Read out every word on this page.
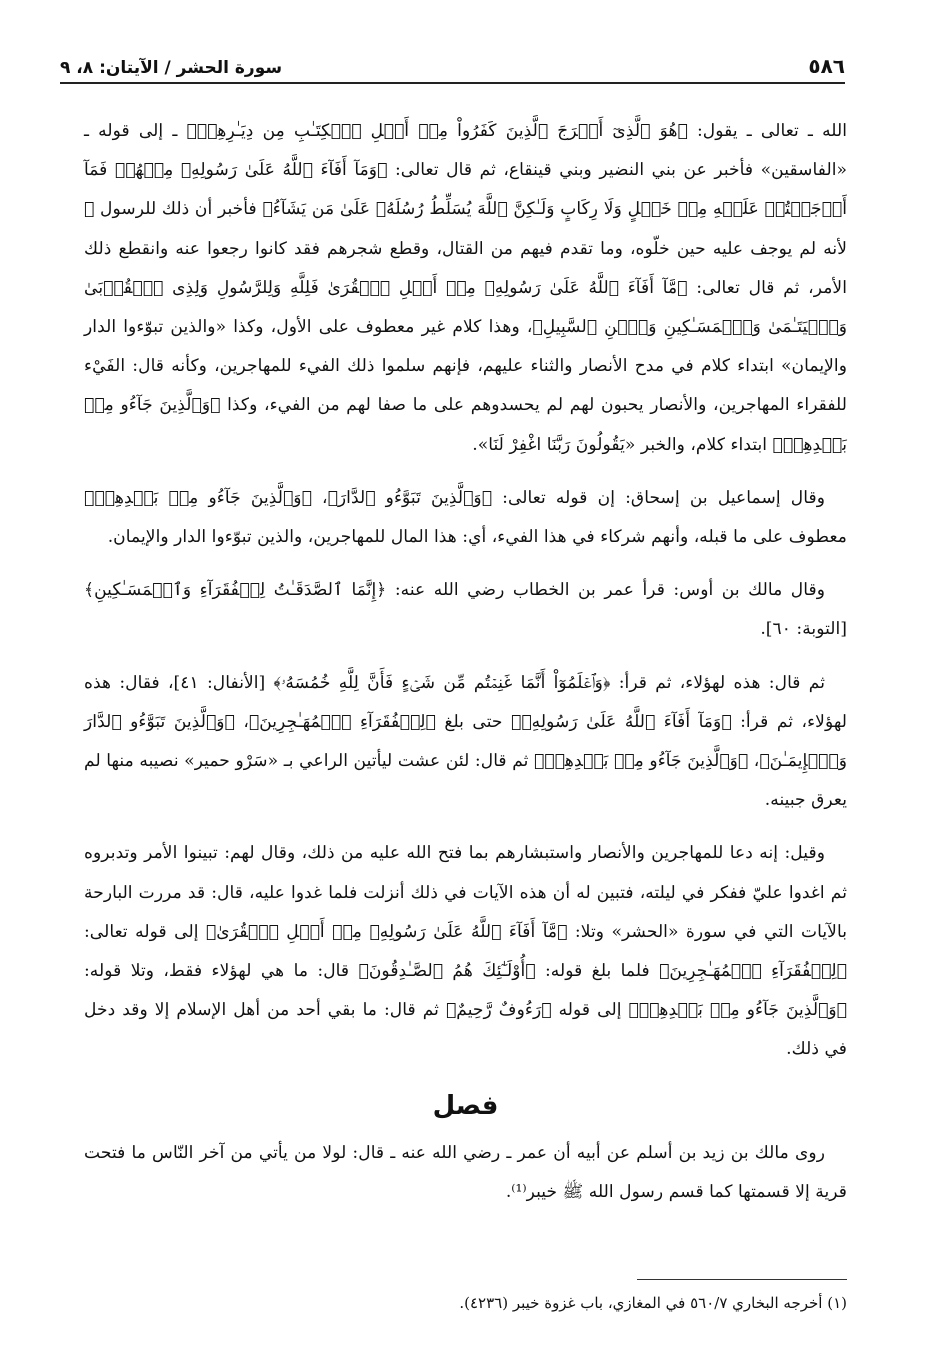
٥٨٦
سورة الحشر / الآيتان: ٨، ٩

الله ـ تعالى ـ يقول: ﴿هُوَ ٱلَّذِىٓ أَخۡرَجَ ٱلَّذِينَ كَفَرُواْ مِنۡ أَهۡلِ ٱلۡكِتَـٰبِ مِن دِيَـٰرِهِمۡ﴾ ـ إلى قوله ـ «الفاسقين» فأخبر عن بني النضير وبني قينقاع، ثم قال تعالى: ﴿وَمَآ أَفَآءَ ٱللَّهُ عَلَىٰ رَسُولِهِۦ مِنۡهُمۡ فَمَآ أَوۡجَفۡتُمۡ عَلَيۡهِ مِنۡ خَيۡلٍ وَلَا رِكَابٍ وَلَـٰكِنَّ ٱللَّهَ يُسَلِّطُ رُسُلَهُۥ عَلَىٰ مَن يَشَآءُ﴾ فأخبر أن ذلك للرسول ﷺ لأنه لم يوجف عليه حين خلّوه، وما تقدم فيهم من القتال، وقطع شجرهم فقد كانوا رجعوا عنه وانقطع ذلك الأمر، ثم قال تعالى: ﴿مَّآ أَفَآءَ ٱللَّهُ عَلَىٰ رَسُولِهِۦ مِنۡ أَهۡلِ ٱلۡقُرَىٰ فَلِلَّهِ وَلِلرَّسُولِ وَلِذِى ٱلۡقُرۡبَىٰ وَٱلۡيَتَـٰمَىٰ وَٱلۡمَسَـٰكِينِ وَٱبۡنِ ٱلسَّبِيلِ﴾، وهذا كلام غير معطوف على الأول، وكذا «والذين تبوّءوا الدار والإيمان» ابتداء كلام في مدح الأنصار والثناء عليهم، فإنهم سلموا ذلك الفيء للمهاجرين، وكأنه قال: الفَيْء للفقراء المهاجرين، والأنصار يحبون لهم لم يحسدوهم على ما صفا لهم من الفيء، وكذا ﴿وَٱلَّذِينَ جَآءُو مِنۢ بَعۡدِهِمۡ﴾ ابتداء كلام، والخبر «يَقُولُونَ رَبَّنَا اغْفِرْ لَنَا».

وقال إسماعيل بن إسحاق: إن قوله تعالى: ﴿وَٱلَّذِينَ تَبَوَّءُو ٱلدَّارَ﴾، ﴿وَٱلَّذِينَ جَآءُو مِنۢ بَعۡدِهِمۡ﴾ معطوف على ما قبله، وأنهم شركاء في هذا الفيء، أي: هذا المال للمهاجرين، والذين تبوّءوا الدار والإيمان.

وقال مالك بن أوس: قرأ عمر بن الخطاب رضي الله عنه: ﴿إِنَّمَا ٱلصَّدَقَـٰتُ لِلۡفُقَرَآءِ وَٱلۡمَسَـٰكِينِ﴾ [التوبة: ٦٠].

ثم قال: هذه لهؤلاء، ثم قرأ: ﴿وَٱعۡلَمُوٓاْ أَنَّمَا غَنِمۡتُم مِّن شَىۡءٍ فَأَنَّ لِلَّهِ خُمُسَهُۥ﴾ [الأنفال: ٤١]، فقال: هذه لهؤلاء، ثم قرأ: ﴿وَمَآ أَفَآءَ ٱللَّهُ عَلَىٰ رَسُولِهِۦ﴾ حتى بلغ ﴿لِلۡفُقَرَآءِ ٱلۡمُهَـٰجِرِينَ﴾، ﴿وَٱلَّذِينَ تَبَوَّءُو ٱلدَّارَ وَٱلۡإِيمَـٰنَ﴾، ﴿وَٱلَّذِينَ جَآءُو مِنۢ بَعۡدِهِمۡ﴾ ثم قال: لئن عشت ليأتين الراعي بـ «سَرْو حمير» نصيبه منها لم يعرق جبينه.

وقيل: إنه دعا للمهاجرين والأنصار واستبشارهم بما فتح الله عليه من ذلك، وقال لهم: تبينوا الأمر وتدبروه ثم اغدوا عليّ ففكر في ليلته، فتبين له أن هذه الآيات في ذلك أنزلت فلما غدوا عليه، قال: قد مررت البارحة بالآيات التي في سورة «الحشر» وتلا: ﴿مَّآ أَفَآءَ ٱللَّهُ عَلَىٰ رَسُولِهِۦ مِنۡ أَهۡلِ ٱلۡقُرَىٰ﴾ إلى قوله تعالى: ﴿لِلۡفُقَرَآءِ ٱلۡمُهَـٰجِرِينَ﴾ فلما بلغ قوله: ﴿أُوْلَـٰٓئِكَ هُمُ ٱلصَّـٰدِقُونَ﴾ قال: ما هي لهؤلاء فقط، وتلا قوله: ﴿وَٱلَّذِينَ جَآءُو مِنۢ بَعۡدِهِمۡ﴾ إلى قوله ﴿رَءُوفٌ رَّحِيمٌ﴾ ثم قال: ما بقي أحد من أهل الإسلام إلا وقد دخل في ذلك.

فصل

روى مالك بن زيد بن أسلم عن أبيه أن عمر ـ رضي الله عنه ـ قال: لولا من يأتي من آخر النّاس ما فتحت قرية إلا قسمتها كما قسم رسول الله ﷺ خيبر⁽¹⁾.

(١) أخرجه البخاري ٥٦٠/٧ في المغازي، باب غزوة خيبر (٤٢٣٦).
